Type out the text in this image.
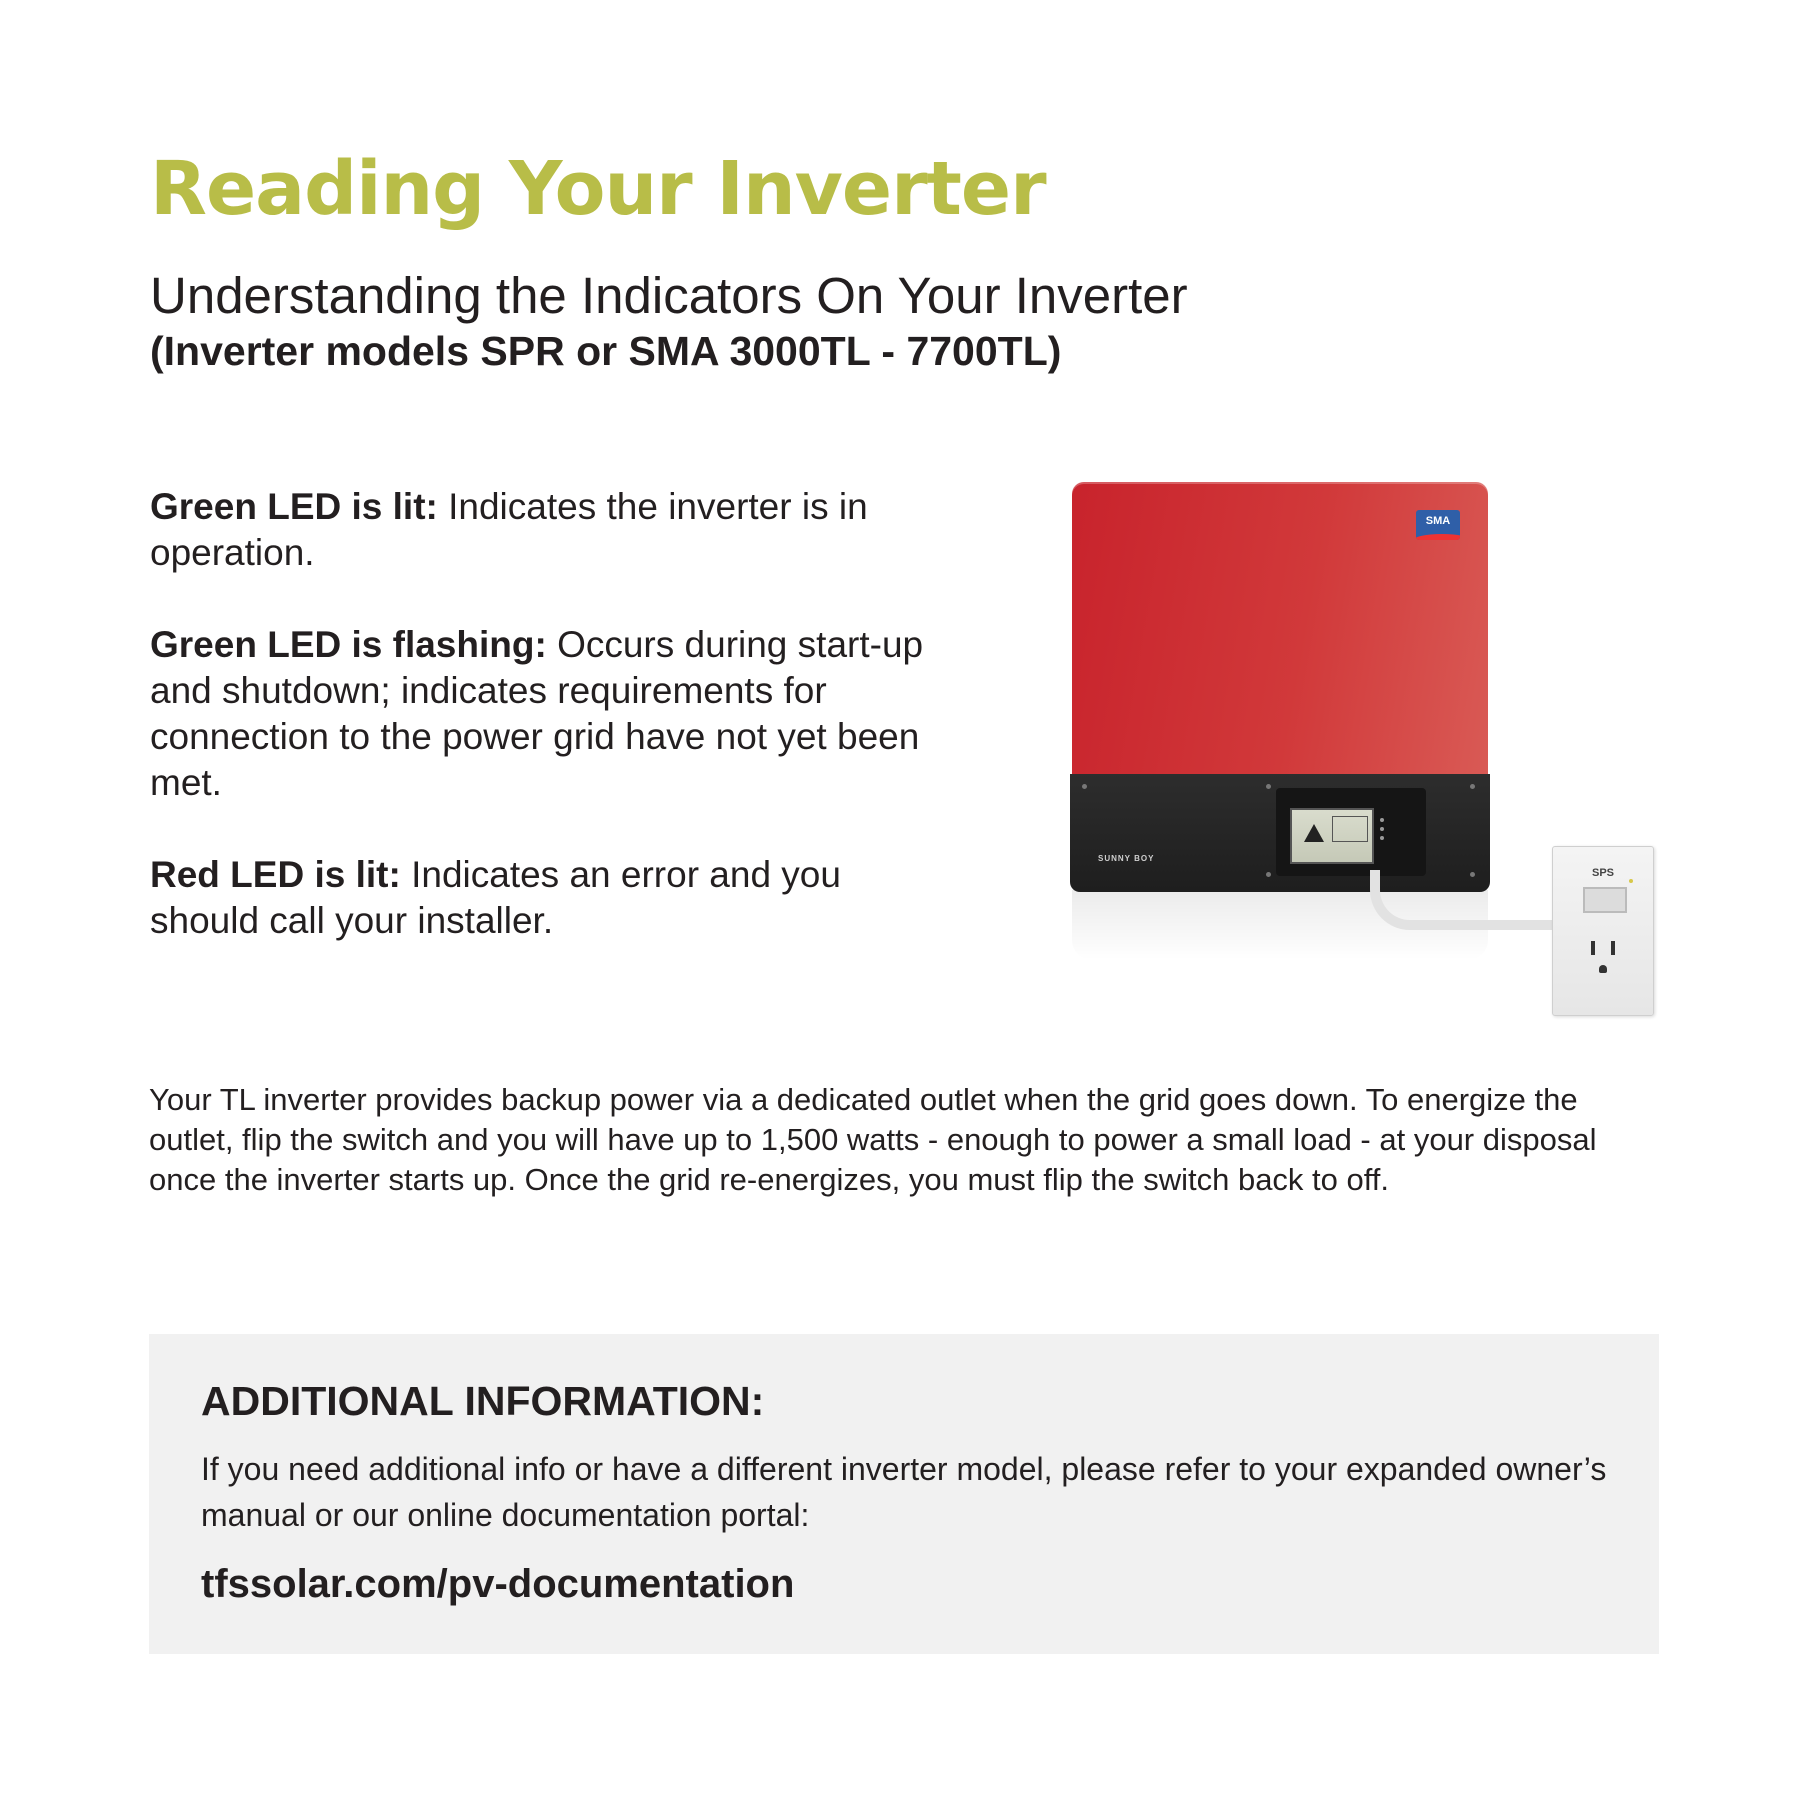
Reading Your Inverter
Understanding the Indicators On Your Inverter
(Inverter models SPR or SMA 3000TL - 7700TL)

Green LED is lit: Indicates the inverter is in operation.

Green LED is flashing: Occurs during start-up and shutdown; indicates requirements for connection to the power grid have not yet been met.

Red LED is lit: Indicates an error and you should call your installer.

SMA
SUNNY BOY
SPS

Your TL inverter provides backup power via a dedicated outlet when the grid goes down. To energize the outlet, flip the switch and you will have up to 1,500 watts - enough to power a small load - at your disposal once the inverter starts up. Once the grid re-energizes, you must flip the switch back to off.

ADDITIONAL INFORMATION:

If you need additional info or have a different inverter model, please refer to your expanded owner’s manual or our online documentation portal:

tfssolar.com/pv-documentation
